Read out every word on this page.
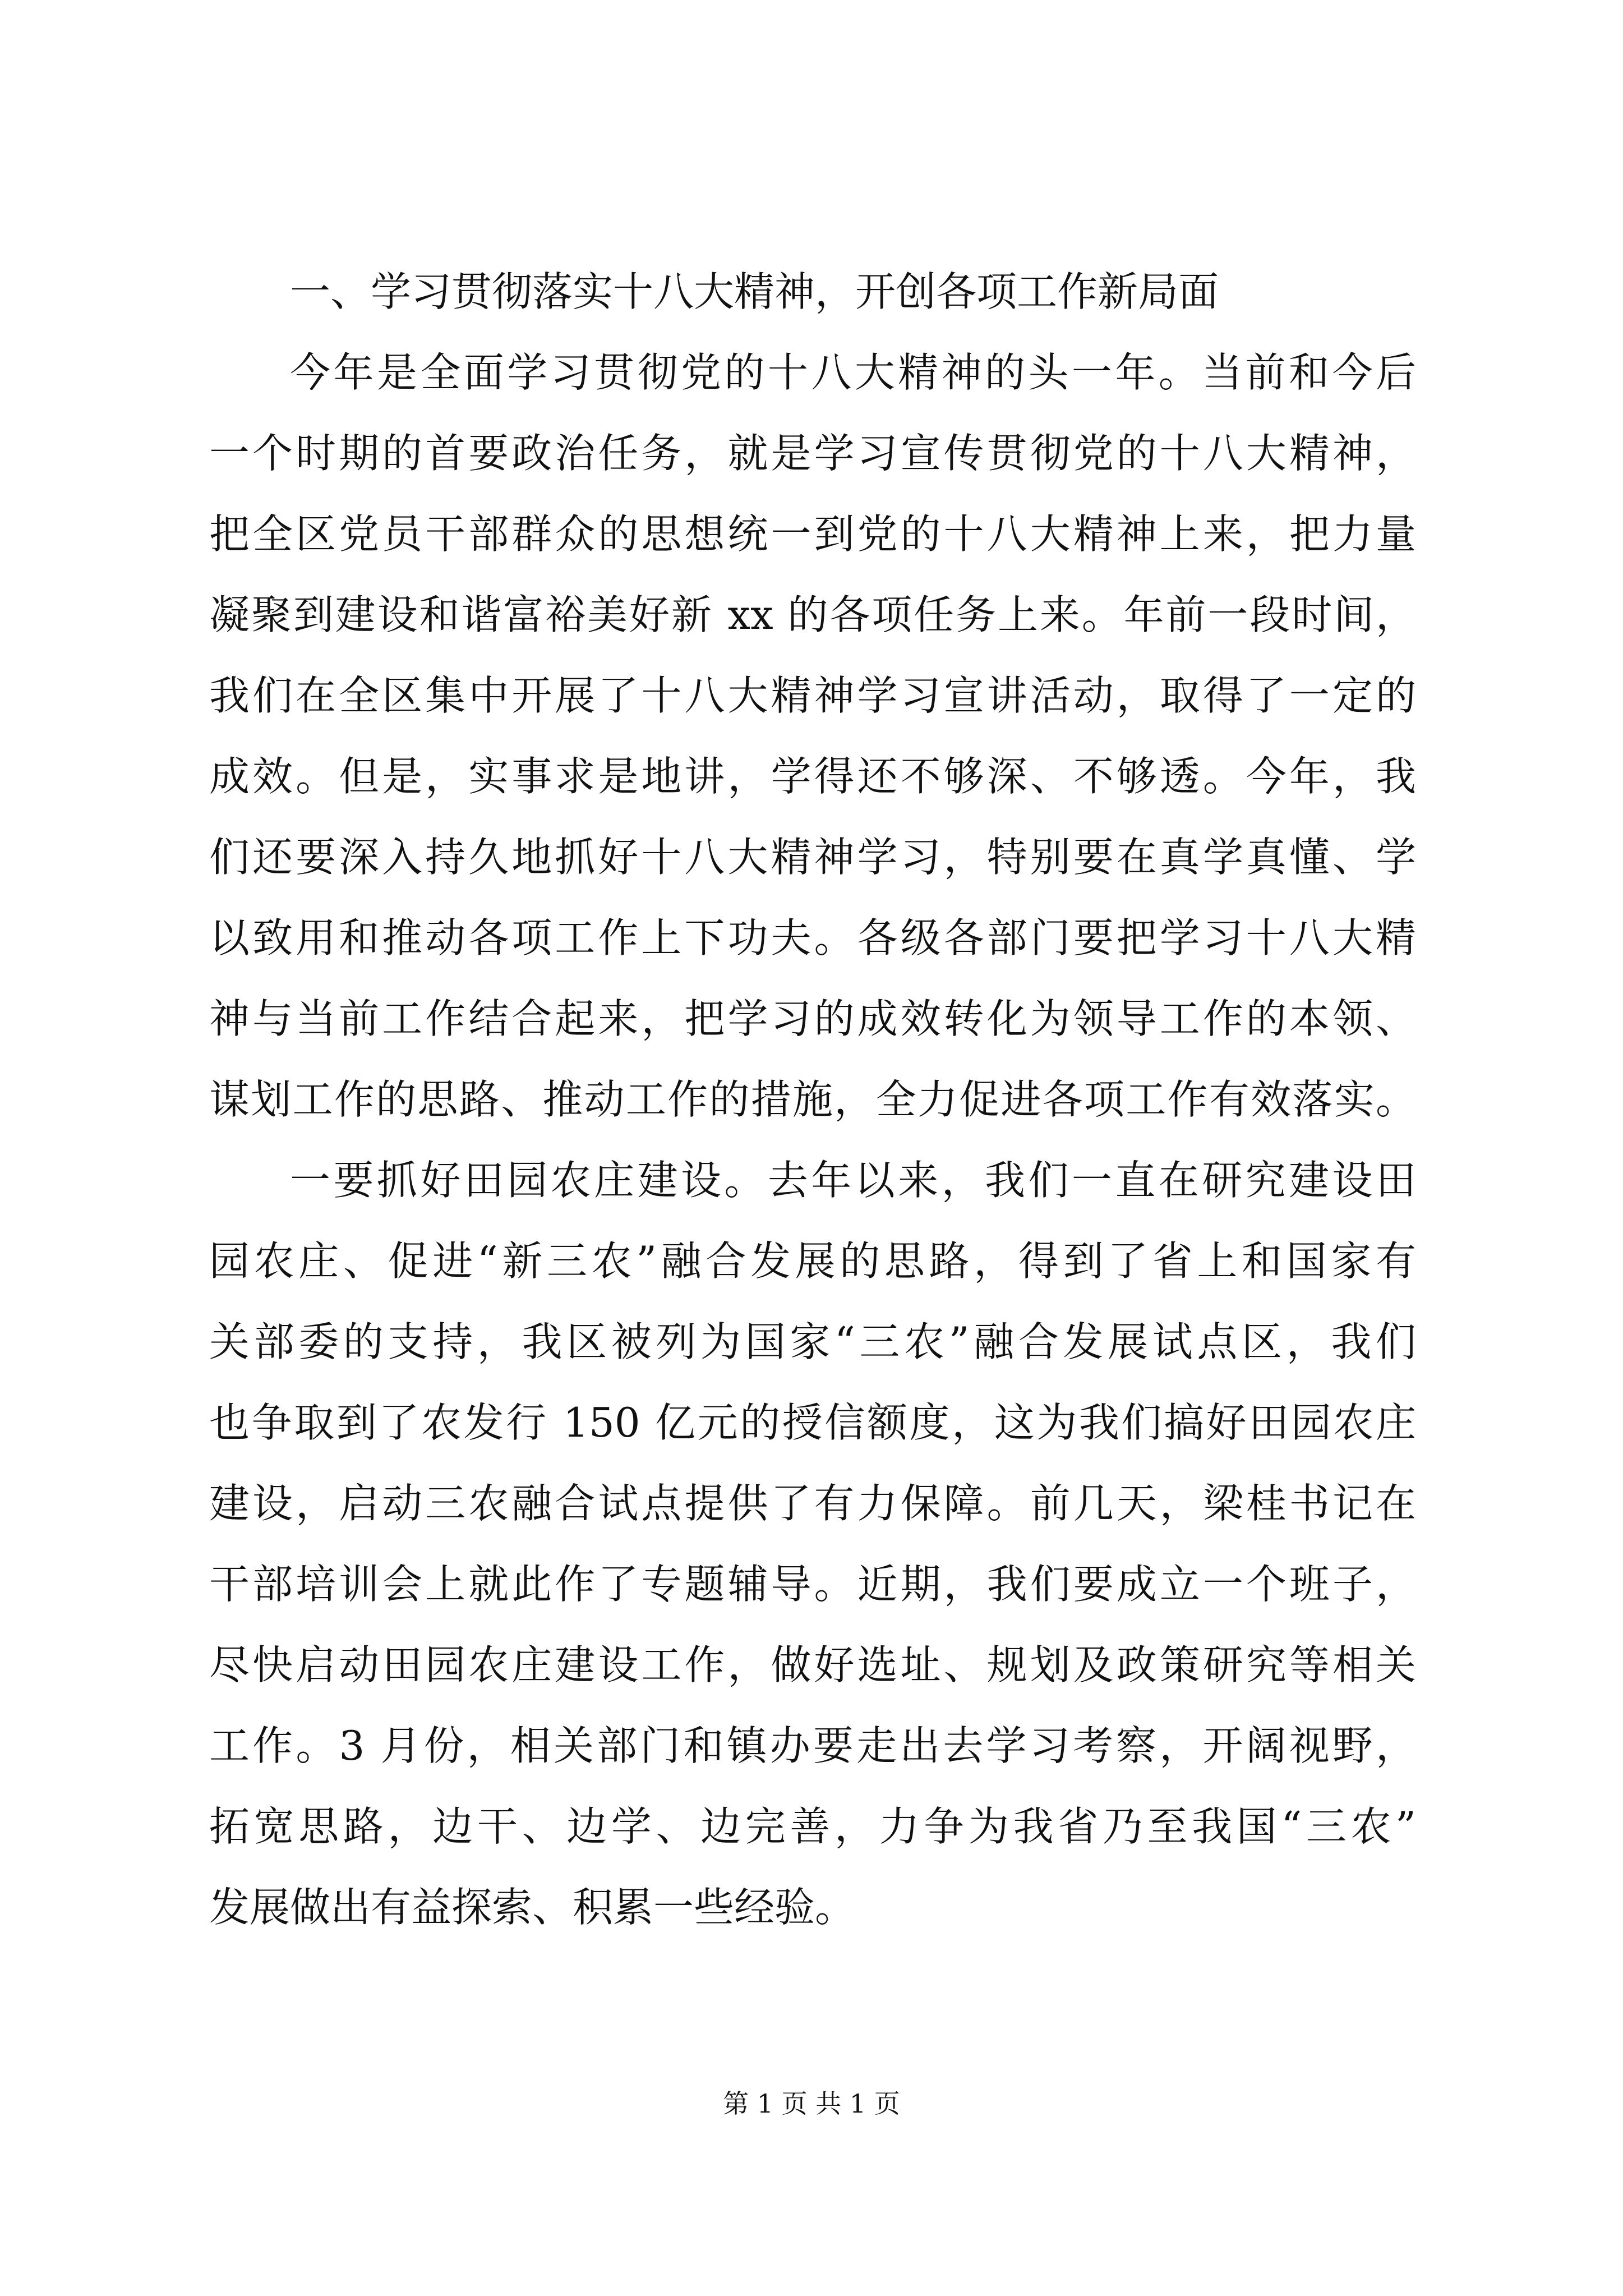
一、学习贯彻落实十八大精神，开创各项工作新局面

今年是全面学习贯彻党的十八大精神的头一年。当前和今后
一个时期的首要政治任务，就是学习宣传贯彻党的十八大精神，
把全区党员干部群众的思想统一到党的十八大精神上来，把力量
凝聚到建设和谐富裕美好新 xx 的各项任务上来。年前一段时间，
我们在全区集中开展了十八大精神学习宣讲活动，取得了一定的
成效。但是，实事求是地讲，学得还不够深、不够透。今年，我
们还要深入持久地抓好十八大精神学习，特别要在真学真懂、学
以致用和推动各项工作上下功夫。各级各部门要把学习十八大精
神与当前工作结合起来，把学习的成效转化为领导工作的本领、
谋划工作的思路、推动工作的措施，全力促进各项工作有效落实。

一要抓好田园农庄建设。去年以来，我们一直在研究建设田
园农庄、促进“新三农”融合发展的思路，得到了省上和国家有
关部委的支持，我区被列为国家“三农”融合发展试点区，我们
也争取到了农发行 150 亿元的授信额度，这为我们搞好田园农庄
建设，启动三农融合试点提供了有力保障。前几天，梁桂书记在
干部培训会上就此作了专题辅导。近期，我们要成立一个班子，
尽快启动田园农庄建设工作，做好选址、规划及政策研究等相关
工作。3 月份，相关部门和镇办要走出去学习考察，开阔视野，
拓宽思路，边干、边学、边完善，力争为我省乃至我国“三农”
发展做出有益探索、积累一些经验。

第 1 页 共 1 页
